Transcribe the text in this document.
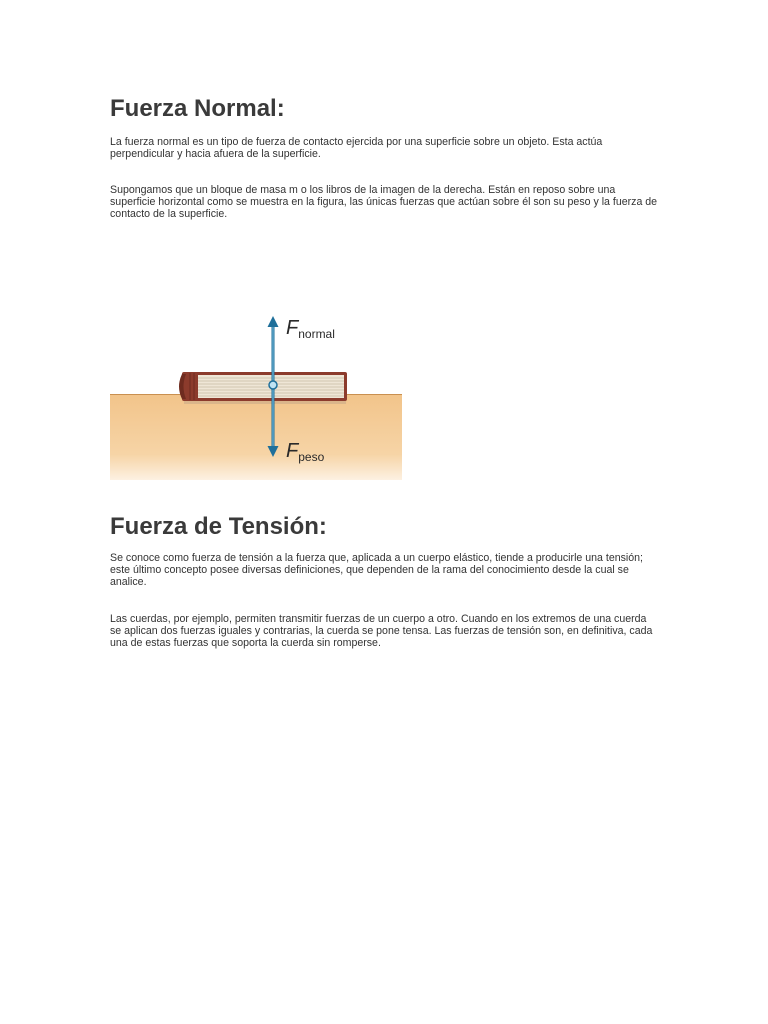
Fuerza Normal:

La fuerza normal es un tipo de fuerza de contacto ejercida por una superficie sobre un objeto. Esta actúa perpendicular y hacia afuera de la superficie.

Supongamos que un bloque de masa m o los libros de la imagen de la derecha. Están en reposo sobre una superficie horizontal como se muestra en la figura, las únicas fuerzas que actúan sobre él son su peso y la fuerza de contacto de la superficie.

$F_{normal}$
$F_{peso}$
Fuerza de Tensión:

Se conoce como fuerza de tensión a la fuerza que, aplicada a un cuerpo elástico, tiende a producirle una tensión; este último concepto posee diversas definiciones, que dependen de la rama del conocimiento desde la cual se analice.

Las cuerdas, por ejemplo, permiten transmitir fuerzas de un cuerpo a otro. Cuando en los extremos de una cuerda se aplican dos fuerzas iguales y contrarias, la cuerda se pone tensa. Las fuerzas de tensión son, en definitiva, cada una de estas fuerzas que soporta la cuerda sin romperse.
